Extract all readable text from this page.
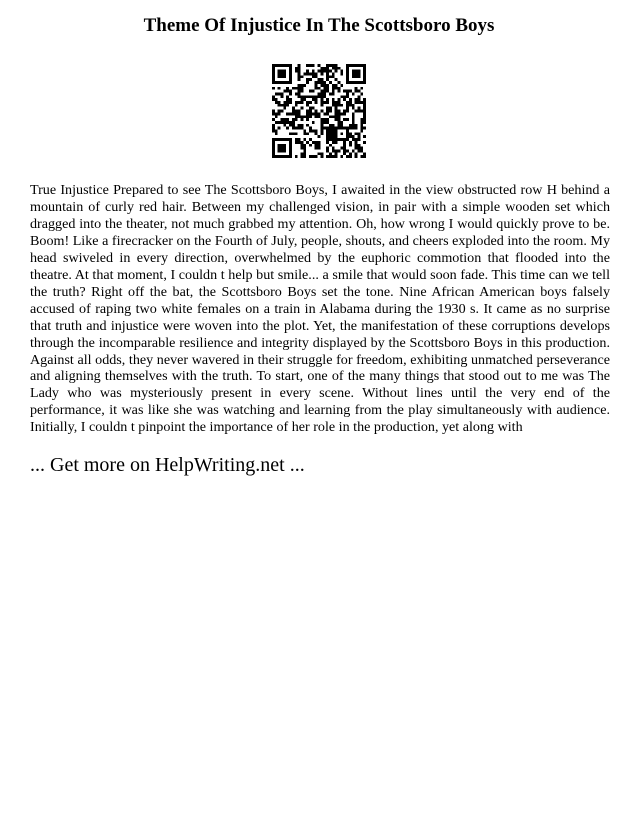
Theme Of Injustice In The Scottsboro Boys

True Injustice Prepared to see The Scottsboro Boys, I awaited in the view obstructed row H behind a mountain of curly red hair. Between my challenged vision, in pair with a simple wooden set which dragged into the theater, not much grabbed my attention. Oh, how wrong I would quickly prove to be. Boom! Like a firecracker on the Fourth of July, people, shouts, and cheers exploded into the room. My head swiveled in every direction, overwhelmed by the euphoric commotion that flooded into the theatre. At that moment, I couldn t help but smile... a smile that would soon fade. This time can we tell the truth? Right off the bat, the Scottsboro Boys set the tone. Nine African American boys falsely accused of raping two white females on a train in Alabama during the 1930 s. It came as no surprise that truth and injustice were woven into the plot. Yet, the manifestation of these corruptions develops through the incomparable resilience and integrity displayed by the Scottsboro Boys in this production. Against all odds, they never wavered in their struggle for freedom, exhibiting unmatched perseverance and aligning themselves with the truth. To start, one of the many things that stood out to me was The Lady who was mysteriously present in every scene. Without lines until the very end of the performance, it was like she was watching and learning from the play simultaneously with audience. Initially, I couldn t pinpoint the importance of her role in the production, yet along with

... Get more on HelpWriting.net ...
